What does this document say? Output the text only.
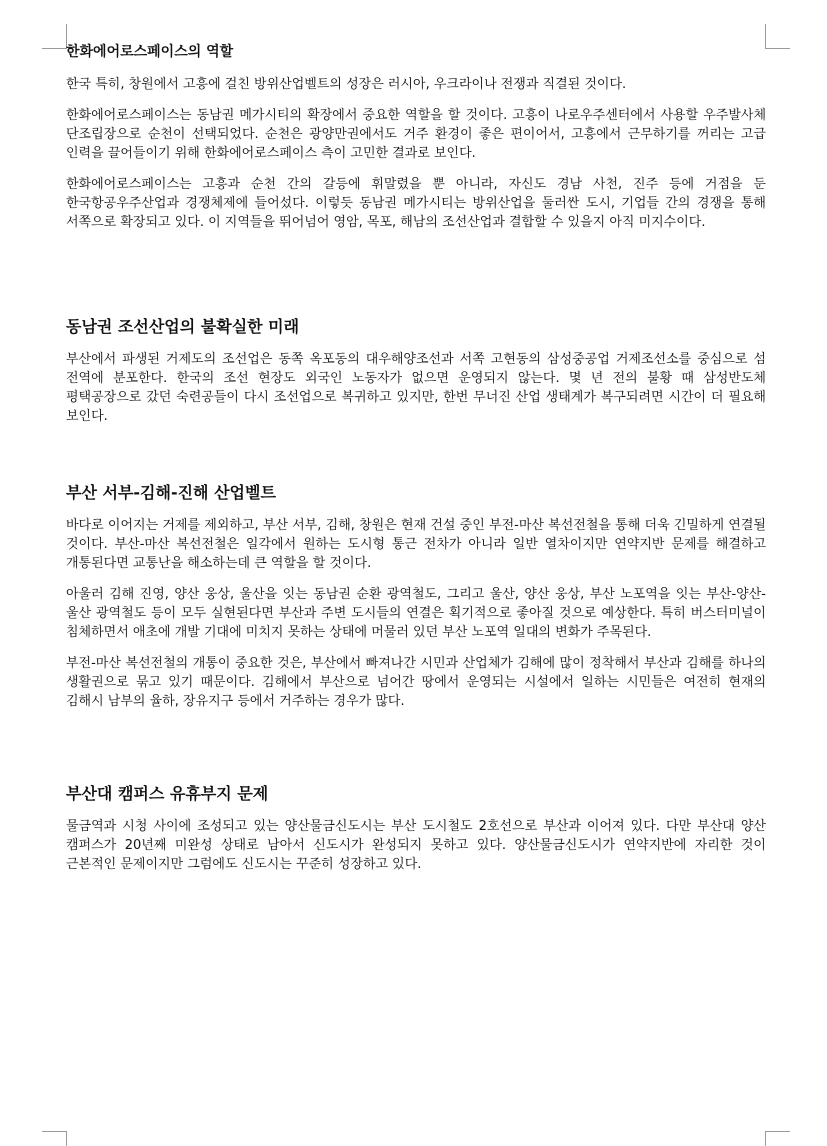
한화에어로스페이스의 역할

한국 특히, 창원에서 고흥에 걸친 방위산업벨트의 성장은 러시아, 우크라이나 전쟁과 직결된 것이다.

한화에어로스페이스는 동남권 메가시티의 확장에서 중요한 역할을 할 것이다. 고흥이 나로우주센터에서 사용할 우주발사체 단조립장으로 순천이 선택되었다. 순천은 광양만권에서도 거주 환경이 좋은 편이어서, 고흥에서 근무하기를 꺼리는 고급 인력을 끌어들이기 위해 한화에어로스페이스 측이 고민한 결과로 보인다.

한화에어로스페이스는 고흥과 순천 간의 갈등에 휘말렸을 뿐 아니라, 자신도 경남 사천, 진주 등에 거점을 둔 한국항공우주산업과 경쟁체제에 들어섰다. 이렇듯 동남권 메가시티는 방위산업을 둘러싼 도시, 기업들 간의 경쟁을 통해 서쪽으로 확장되고 있다. 이 지역들을 뛰어넘어 영암, 목포, 해남의 조선산업과 결합할 수 있을지 아직 미지수이다.

동남권 조선산업의 불확실한 미래

부산에서 파생된 거제도의 조선업은 동쪽 옥포동의 대우해양조선과 서쪽 고현동의 삼성중공업 거제조선소를 중심으로 섬 전역에 분포한다. 한국의 조선 현장도 외국인 노동자가 없으면 운영되지 않는다. 몇 년 전의 불황 때 삼성반도체 평택공장으로 갔던 숙련공들이 다시 조선업으로 복귀하고 있지만, 한번 무너진 산업 생태계가 복구되려면 시간이 더 필요해 보인다.

부산 서부-김해-진해 산업벨트

바다로 이어지는 거제를 제외하고, 부산 서부, 김해, 창원은 현재 건설 중인 부전-마산 복선전철을 통해 더욱 긴밀하게 연결될 것이다. 부산-마산 복선전철은 일각에서 원하는 도시형 통근 전차가 아니라 일반 열차이지만 연약지반 문제를 해결하고 개통된다면 교통난을 해소하는데 큰 역할을 할 것이다.

아울러 김해 진영, 양산 웅상, 울산을 잇는 동남권 순환 광역철도, 그리고 울산, 양산 웅상, 부산 노포역을 잇는 부산-양산-울산 광역철도 등이 모두 실현된다면 부산과 주변 도시들의 연결은 획기적으로 좋아질 것으로 예상한다. 특히 버스터미널이 침체하면서 애초에 개발 기대에 미치지 못하는 상태에 머물러 있던 부산 노포역 일대의 변화가 주목된다.

부전-마산 복선전철의 개통이 중요한 것은, 부산에서 빠져나간 시민과 산업체가 김해에 많이 정착해서 부산과 김해를 하나의 생활권으로 묶고 있기 때문이다. 김해에서 부산으로 넘어간 땅에서 운영되는 시설에서 일하는 시민들은 여전히 현재의 김해시 남부의 율하, 장유지구 등에서 거주하는 경우가 많다.

부산대 캠퍼스 유휴부지 문제

물금역과 시청 사이에 조성되고 있는 양산물금신도시는 부산 도시철도 2호선으로 부산과 이어져 있다. 다만 부산대 양산 캠퍼스가 20년째 미완성 상태로 남아서 신도시가 완성되지 못하고 있다. 양산물금신도시가 연약지반에 자리한 것이 근본적인 문제이지만 그럼에도 신도시는 꾸준히 성장하고 있다.
